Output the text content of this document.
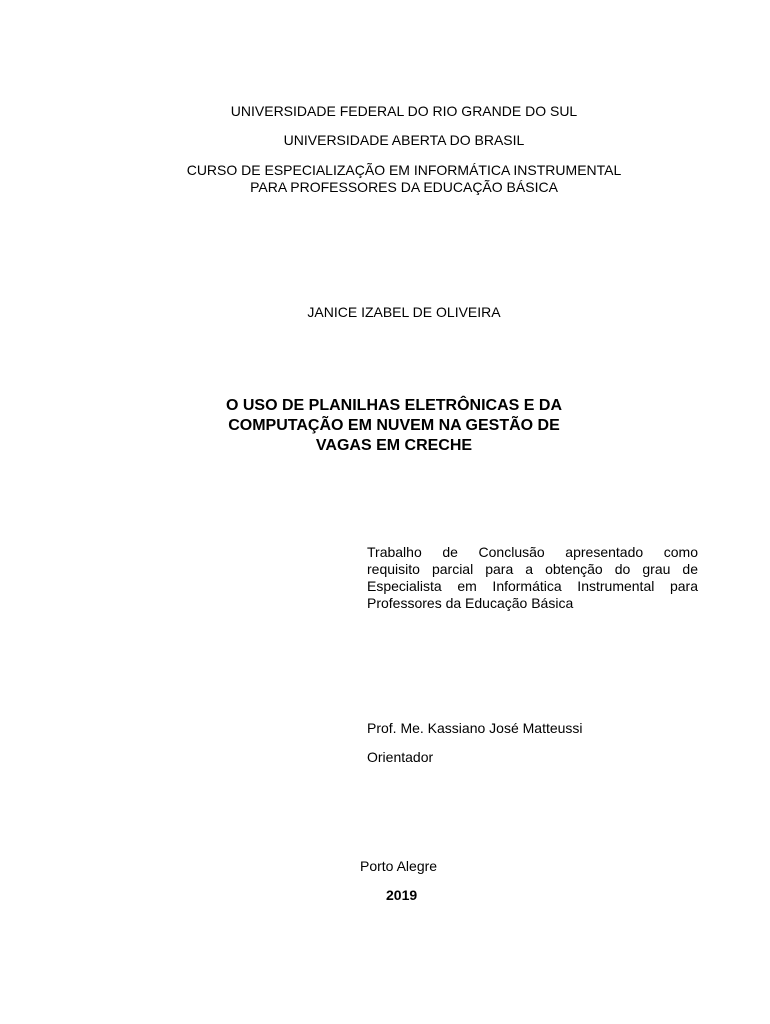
UNIVERSIDADE FEDERAL DO RIO GRANDE DO SUL
UNIVERSIDADE ABERTA DO BRASIL
CURSO DE ESPECIALIZAÇÃO EM INFORMÁTICA INSTRUMENTAL
PARA PROFESSORES DA EDUCAÇÃO BÁSICA
JANICE IZABEL DE OLIVEIRA
O USO DE PLANILHAS ELETRÔNICAS E DA
COMPUTAÇÃO EM NUVEM NA GESTÃO DE
VAGAS EM CRECHE
Trabalho de Conclusão apresentado como
requisito parcial para a obtenção do grau de
Especialista em Informática Instrumental para
Professores da Educação Básica
Prof. Me. Kassiano José Matteussi
Orientador
Porto Alegre
2019
